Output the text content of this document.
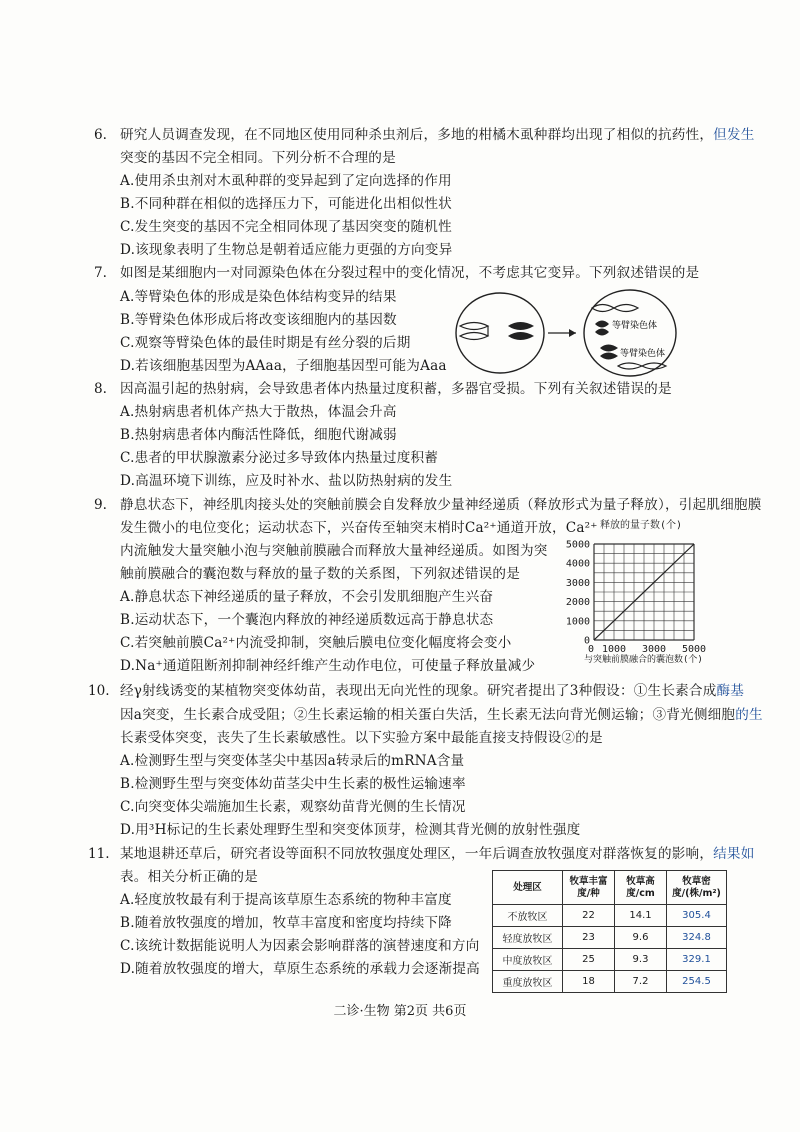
6. 研究人员调查发现，在不同地区使用同种杀虫剂后，多地的柑橘木虱种群均出现了相似的抗药性，但发生
突变的基因不完全相同。下列分析不合理的是
A.使用杀虫剂对木虱种群的变异起到了定向选择的作用
B.不同种群在相似的选择压力下，可能进化出相似性状
C.发生突变的基因不完全相同体现了基因突变的随机性
D.该现象表明了生物总是朝着适应能力更强的方向变异
7. 如图是某细胞内一对同源染色体在分裂过程中的变化情况，不考虑其它变异。下列叙述错误的是
A.等臂染色体的形成是染色体结构变异的结果
B.等臂染色体形成后将改变该细胞内的基因数
C.观察等臂染色体的最佳时期是有丝分裂的后期
D.若该细胞基因型为AAaa，子细胞基因型可能为Aaa
等臂染色体
等臂染色体
8. 因高温引起的热射病，会导致患者体内热量过度积蓄，多器官受损。下列有关叙述错误的是
A.热射病患者机体产热大于散热，体温会升高
B.热射病患者体内酶活性降低，细胞代谢减弱
C.患者的甲状腺激素分泌过多导致体内热量过度积蓄
D.高温环境下训练，应及时补水、盐以防热射病的发生
9. 静息状态下，神经肌肉接头处的突触前膜会自发释放少量神经递质（释放形式为量子释放），引起肌细胞膜
发生微小的电位变化；运动状态下，兴奋传至轴突末梢时Ca²⁺通道开放，Ca²⁺
内流触发大量突触小泡与突触前膜融合而释放大量神经递质。如图为突
触前膜融合的囊泡数与释放的量子数的关系图，下列叙述错误的是
A.静息状态下神经递质的量子释放，不会引发肌细胞产生兴奋
B.运动状态下，一个囊泡内释放的神经递质数远高于静息状态
C.若突触前膜Ca²⁺内流受抑制，突触后膜电位变化幅度将会变小
D.Na⁺通道阻断剂抑制神经纤维产生动作电位，可使量子释放量减少
释放的量子数(个)
5000
4000
3000
2000
1000
0
0 1000 3000 5000
与突触前膜融合的囊泡数(个)
10. 经γ射线诱变的某植物突变体幼苗，表现出无向光性的现象。研究者提出了3种假设：①生长素合成酶基
因a突变，生长素合成受阻；②生长素运输的相关蛋白失活，生长素无法向背光侧运输；③背光侧细胞的生
长素受体突变，丧失了生长素敏感性。以下实验方案中最能直接支持假设②的是
A.检测野生型与突变体茎尖中基因a转录后的mRNA含量
B.检测野生型与突变体幼苗茎尖中生长素的极性运输速率
C.向突变体尖端施加生长素，观察幼苗背光侧的生长情况
D.用³H标记的生长素处理野生型和突变体顶芽，检测其背光侧的放射性强度
11. 某地退耕还草后，研究者设等面积不同放牧强度处理区，一年后调查放牧强度对群落恢复的影响，结果如
表。相关分析正确的是
A.轻度放牧最有利于提高该草原生态系统的物种丰富度
B.随着放牧强度的增加，牧草丰富度和密度均持续下降
C.该统计数据能说明人为因素会影响群落的演替速度和方向
D.随着放牧强度的增大，草原生态系统的承载力会逐渐提高
处理区	牧草丰富度/种	牧草高度/cm	牧草密度/(株/m²)
不放牧区	22	14.1	305.4
轻度放牧区	23	9.6	324.8
中度放牧区	25	9.3	329.1
重度放牧区	18	7.2	254.5
二诊·生物 第2页 共6页
